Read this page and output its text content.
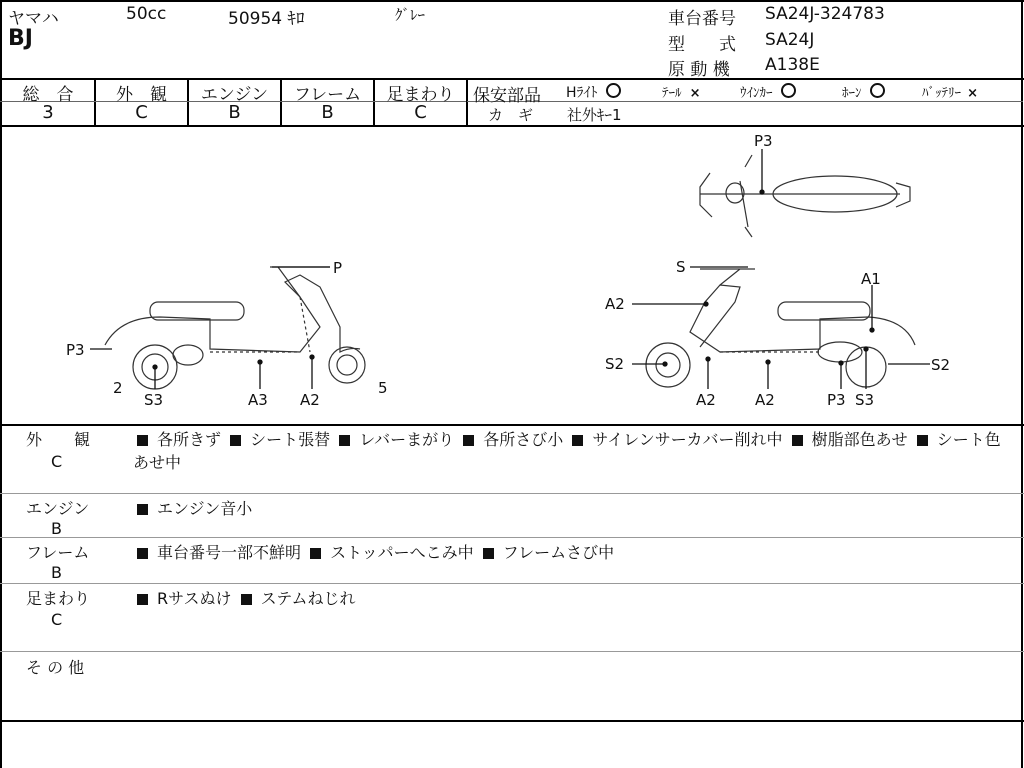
ヤマハ	50cc	50954 ｷﾛ	ｸﾞﾚｰ
BJ
車台番号 SA24J-324783
型　　式 SA24J
原 動 機 A138E
総　合
3
外　観
C
エンジン
B
フレーム
B
足まわり
C
保安部品 Hﾗｲﾄ	ﾃｰﾙ ×	ｳｲﾝｶｰ	ﾎｰﾝ	ﾊﾞｯﾃﾘｰ ×
カ　ギ 社外ｷｰ1
P3
P
P3
2
S3	A3 A2
5
S
A1
A2
S2	S2
A2	A2	P3 S3
外　　観
C
各所きず シート張替 レバーまがり 各所さび小 サイレンサーカバー削れ中 樹脂部色あせ シート色あせ中
エンジン
B
エンジン音小
フレーム
B
車台番号一部不鮮明 ストッパーへこみ中 フレームさび中
足まわり
C
Rサスぬけ ステムねじれ
そ の 他
